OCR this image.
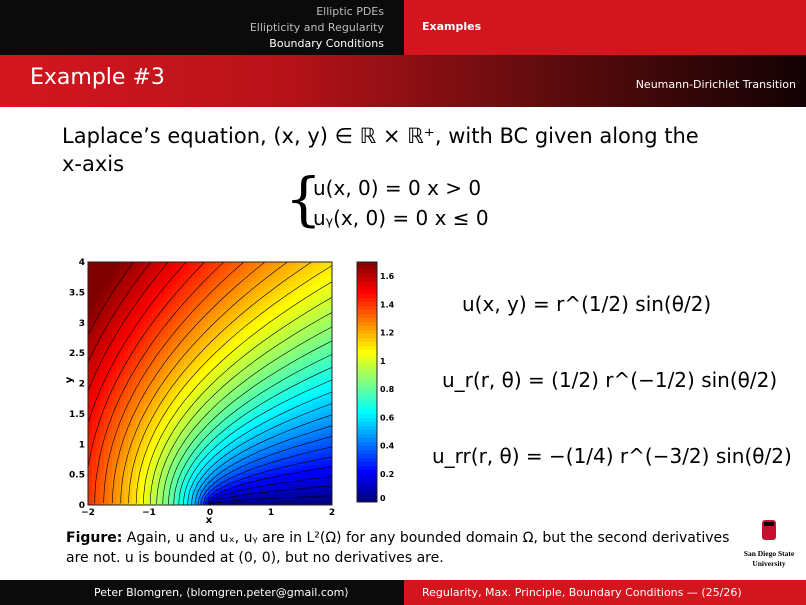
Elliptic PDEs
Ellipticity and Regularity
Boundary Conditions
Examples
Example #3	Neumann-Dirichlet Transition
Laplace’s equation, (x, y) ∈ ℝ × ℝ⁺, with BC given along the
x-axis
{
u(x, 0) = 0 x > 0
uᵧ(x, 0) = 0 x ≤ 0
−2	−1	0	1	2
0
0.5
1
1.5
2
2.5
3
3.5
4
x
y
0
0.2
0.4
0.6
0.8
1
1.2
1.4
1.6
u(x, y) = r^(1/2) sin(θ/2)
u_r(r, θ) = (1/2) r^(−1/2) sin(θ/2)
u_rr(r, θ) = −(1/4) r^(−3/2) sin(θ/2)
Figure: Again, u and uₓ, uᵧ are in L²(Ω) for any bounded domain Ω, but the second derivatives are not. u is bounded at (0, 0), but no derivatives are.	San Diego State
University
Peter Blomgren, ⟨blomgren.peter@gmail.com⟩	Regularity, Max. Principle, Boundary Conditions — (25/26)
